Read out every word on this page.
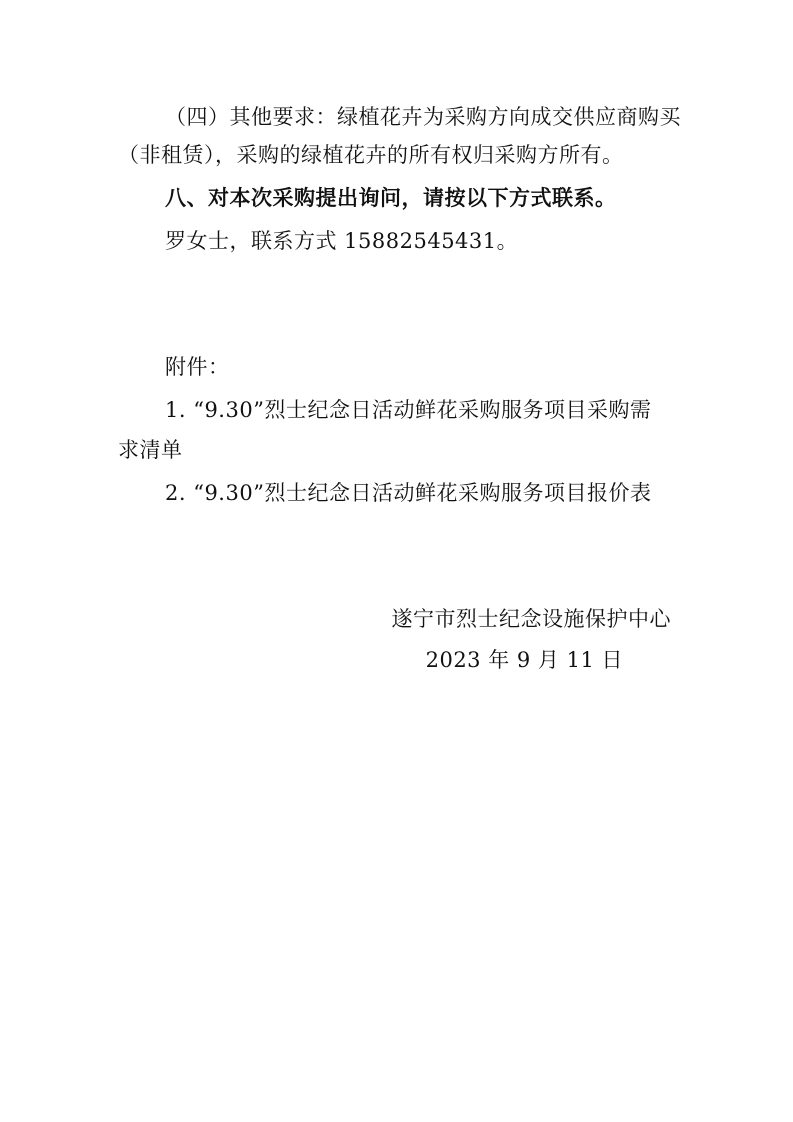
（四）其他要求：绿植花卉为采购方向成交供应商购买
（非租赁），采购的绿植花卉的所有权归采购方所有。
八、对本次采购提出询问，请按以下方式联系。
罗女士，联系方式 15882545431。
附件：
1. “9.30”烈士纪念日活动鲜花采购服务项目采购需
求清单
2. “9.30”烈士纪念日活动鲜花采购服务项目报价表
遂宁市烈士纪念设施保护中心
2023 年 9 月 11 日
